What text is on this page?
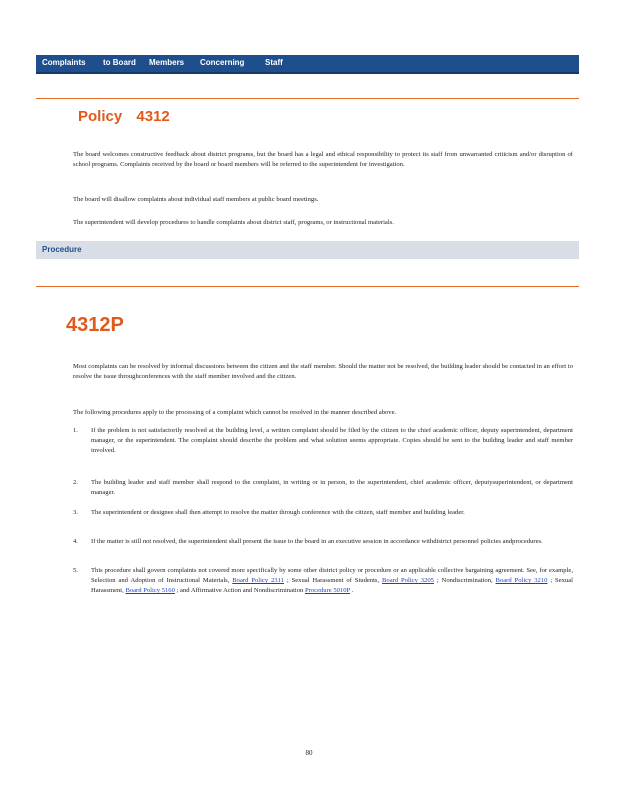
Complaints to Board Members Concerning	Staff
Policy 4312
The board welcomes constructive feedback about district programs, but the board has a legal and ethical responsibility to protect its staff from unwarranted criticism and/or disruption of school programs. Complaints received by the board or board members will be referred to the superintendent for investigation.
The board will disallow complaints about individual staff members at public board meetings.
The superintendent will develop procedures to handle complaints about district staff, programs, or instructional materials.
Procedure
4312P
Most complaints can be resolved by informal discussions between the citizen and the staff member. Should the matter not be resolved, the building leader should be contacted in an effort to resolve the issue throughconferences with the staff member involved and the citizen.
The following procedures apply to the processing of a complaint which cannot be resolved in the manner described above.
1. If the problem is not satisfactorily resolved at the building level, a written complaint should be filed by the citizen to the chief academic officer, deputy superintendent, department manager, or the superintendent. The complaint should describe the problem and what solution seems appropriate. Copies should be sent to the building leader and staff member involved.
2. The building leader and staff member shall respond to the complaint, in writing or in person, to the superintendent, chief academic officer, deputysuperintendent, or department manager.
3. The superintendent or designee shall then attempt to resolve the matter through conference with the citizen, staff member and building leader.
4. If the matter is still not resolved, the superintendent shall present the issue to the board in an executive session in accordance withdistrict personnel policies andprocedures.
5. This procedure shall govern complaints not covered more specifically by some other district policy or procedure or an applicable collective bargaining agreement. See, for example, Selection and Adoption of Instructional Materials, Board Policy 2311 ; Sexual Harassment of Students, Board Policy 3205 ; Nondiscrimination, Board Policy 3210 ; Sexual Harassment, Board Policy 5160 ; and Affirmative Action and Nondiscrimination Procedure 5010P .
80
